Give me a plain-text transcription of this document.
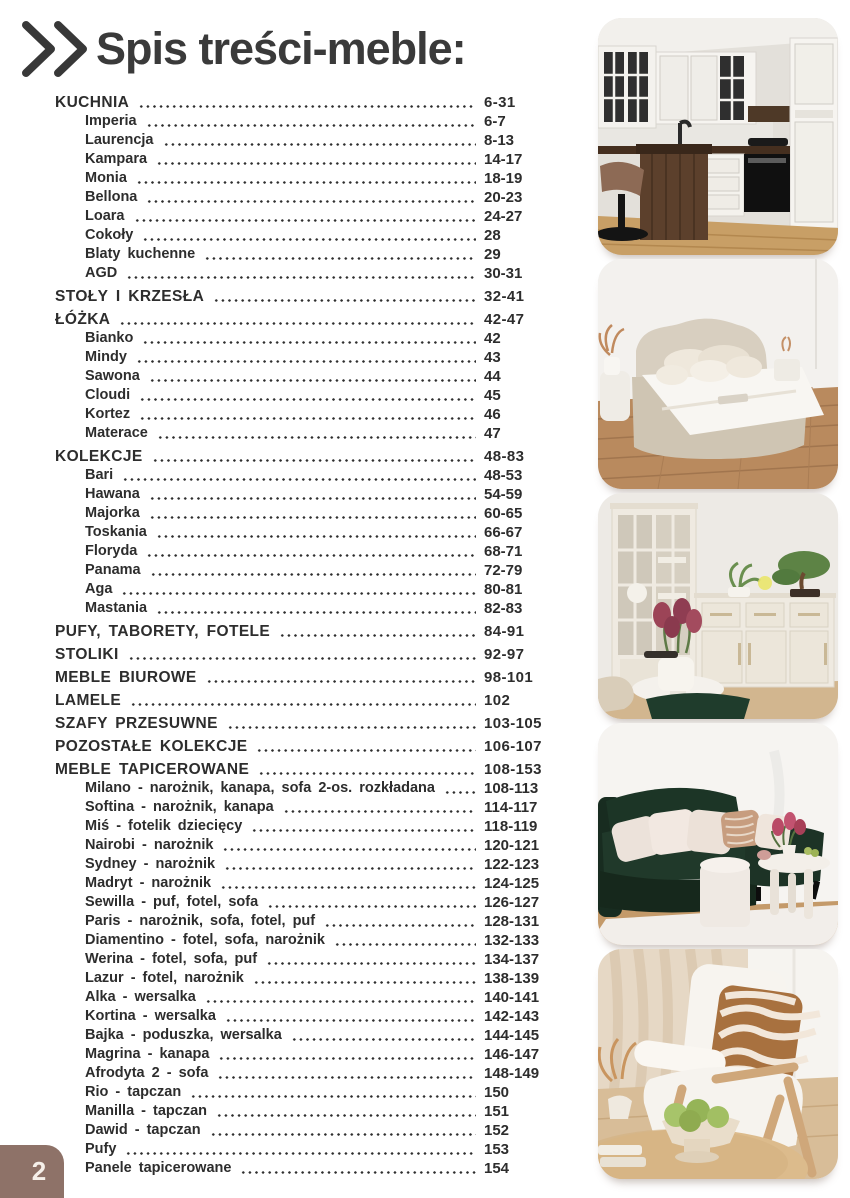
Spis treści-meble:
KUCHNIA	6-31
Imperia	6-7
Laurencja	8-13
Kampara	14-17
Monia	18-19
Bellona	20-23
Loara	24-27
Cokoły	28
Blaty kuchenne	29
AGD	30-31
STOŁY I KRZESŁA	32-41
ŁÓŻKA	42-47
Bianko	42
Mindy	43
Sawona	44
Cloudi	45
Kortez	46
Materace	47
KOLEKCJE	48-83
Bari	48-53
Hawana	54-59
Majorka	60-65
Toskania	66-67
Floryda	68-71
Panama	72-79
Aga	80-81
Mastania	82-83
PUFY, TABORETY, FOTELE	84-91
STOLIKI	92-97
MEBLE BIUROWE	98-101
LAMELE	102
SZAFY PRZESUWNE	103-105
POZOSTAŁE KOLEKCJE	106-107
MEBLE TAPICEROWANE	108-153
Milano - narożnik, kanapa, sofa 2-os. rozkładana	108-113
Softina - narożnik, kanapa	114-117
Miś - fotelik dziecięcy	118-119
Nairobi - narożnik	120-121
Sydney - narożnik	122-123
Madryt - narożnik	124-125
Sewilla - puf, fotel, sofa	126-127
Paris - narożnik, sofa, fotel, puf	128-131
Diamentino - fotel, sofa, narożnik	132-133
Werina - fotel, sofa, puf	134-137
Lazur - fotel, narożnik	138-139
Alka - wersalka	140-141
Kortina - wersalka	142-143
Bajka - poduszka, wersalka	144-145
Magrina - kanapa	146-147
Afrodyta 2 - sofa	148-149
Rio - tapczan	150
Manilla - tapczan	151
Dawid - tapczan	152
Pufy	153
Panele tapicerowane	154
2
